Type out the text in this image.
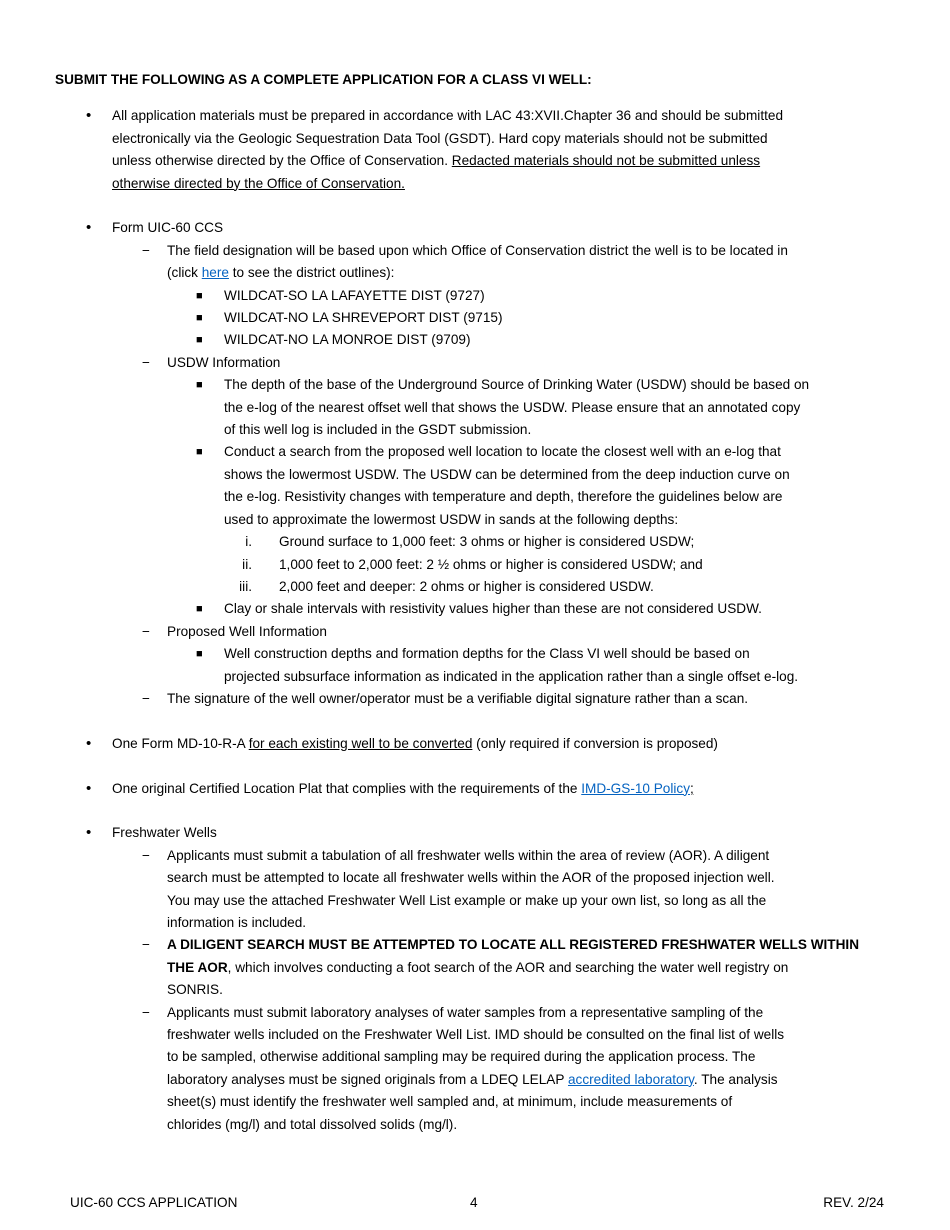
SUBMIT THE FOLLOWING AS A COMPLETE APPLICATION FOR A CLASS VI WELL:
• All application materials must be prepared in accordance with LAC 43:XVII.Chapter 36 and should be submitted
electronically via the Geologic Sequestration Data Tool (GSDT). Hard copy materials should not be submitted
unless otherwise directed by the Office of Conservation. Redacted materials should not be submitted unless
otherwise directed by the Office of Conservation.
• Form UIC-60 CCS
− The field designation will be based upon which Office of Conservation district the well is to be located in
(click here to see the district outlines):
■ WILDCAT-SO LA LAFAYETTE DIST (9727)
■ WILDCAT-NO LA SHREVEPORT DIST (9715)
■ WILDCAT-NO LA MONROE DIST (9709)
− USDW Information
■ The depth of the base of the Underground Source of Drinking Water (USDW) should be based on
the e-log of the nearest offset well that shows the USDW. Please ensure that an annotated copy
of this well log is included in the GSDT submission.
■ Conduct a search from the proposed well location to locate the closest well with an e-log that
shows the lowermost USDW. The USDW can be determined from the deep induction curve on
the e-log. Resistivity changes with temperature and depth, therefore the guidelines below are
used to approximate the lowermost USDW in sands at the following depths:
i. Ground surface to 1,000 feet: 3 ohms or higher is considered USDW;
ii. 1,000 feet to 2,000 feet: 2 ½ ohms or higher is considered USDW; and
iii. 2,000 feet and deeper: 2 ohms or higher is considered USDW.
■ Clay or shale intervals with resistivity values higher than these are not considered USDW.
− Proposed Well Information
■ Well construction depths and formation depths for the Class VI well should be based on
projected subsurface information as indicated in the application rather than a single offset e-log.
− The signature of the well owner/operator must be a verifiable digital signature rather than a scan.
• One Form MD-10-R-A for each existing well to be converted (only required if conversion is proposed)
• One original Certified Location Plat that complies with the requirements of the IMD-GS-10 Policy;
• Freshwater Wells
− Applicants must submit a tabulation of all freshwater wells within the area of review (AOR). A diligent
search must be attempted to locate all freshwater wells within the AOR of the proposed injection well.
You may use the attached Freshwater Well List example or make up your own list, so long as all the
information is included.
− A DILIGENT SEARCH MUST BE ATTEMPTED TO LOCATE ALL REGISTERED FRESHWATER WELLS WITHIN
THE AOR, which involves conducting a foot search of the AOR and searching the water well registry on
SONRIS.
− Applicants must submit laboratory analyses of water samples from a representative sampling of the
freshwater wells included on the Freshwater Well List. IMD should be consulted on the final list of wells
to be sampled, otherwise additional sampling may be required during the application process. The
laboratory analyses must be signed originals from a LDEQ LELAP accredited laboratory. The analysis
sheet(s) must identify the freshwater well sampled and, at minimum, include measurements of
chlorides (mg/l) and total dissolved solids (mg/l).
UIC-60 CCS APPLICATION	4	REV. 2/24
